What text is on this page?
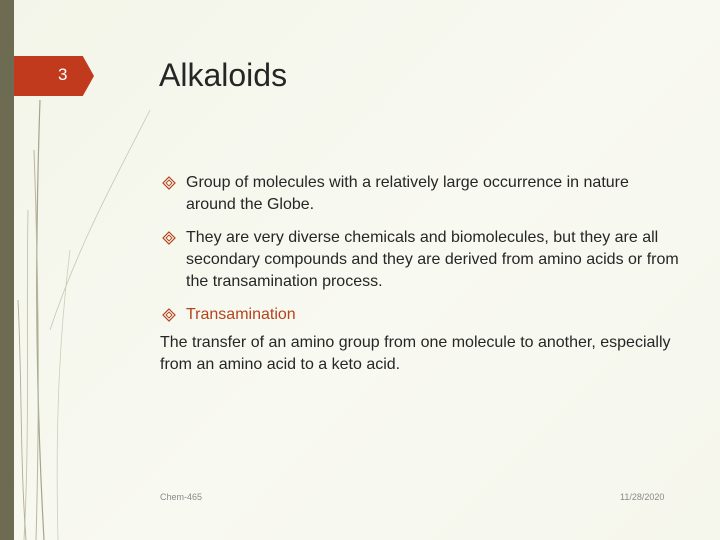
3	Alkaloids
Group of molecules with a relatively large occurrence in nature around the Globe.
They are very diverse chemicals and biomolecules, but they are all secondary compounds and they are derived from amino acids or from the transamination process.
Transamination

The transfer of an amino group from one molecule to another, especially from an amino acid to a keto acid.

Chem-465	11/28/2020
